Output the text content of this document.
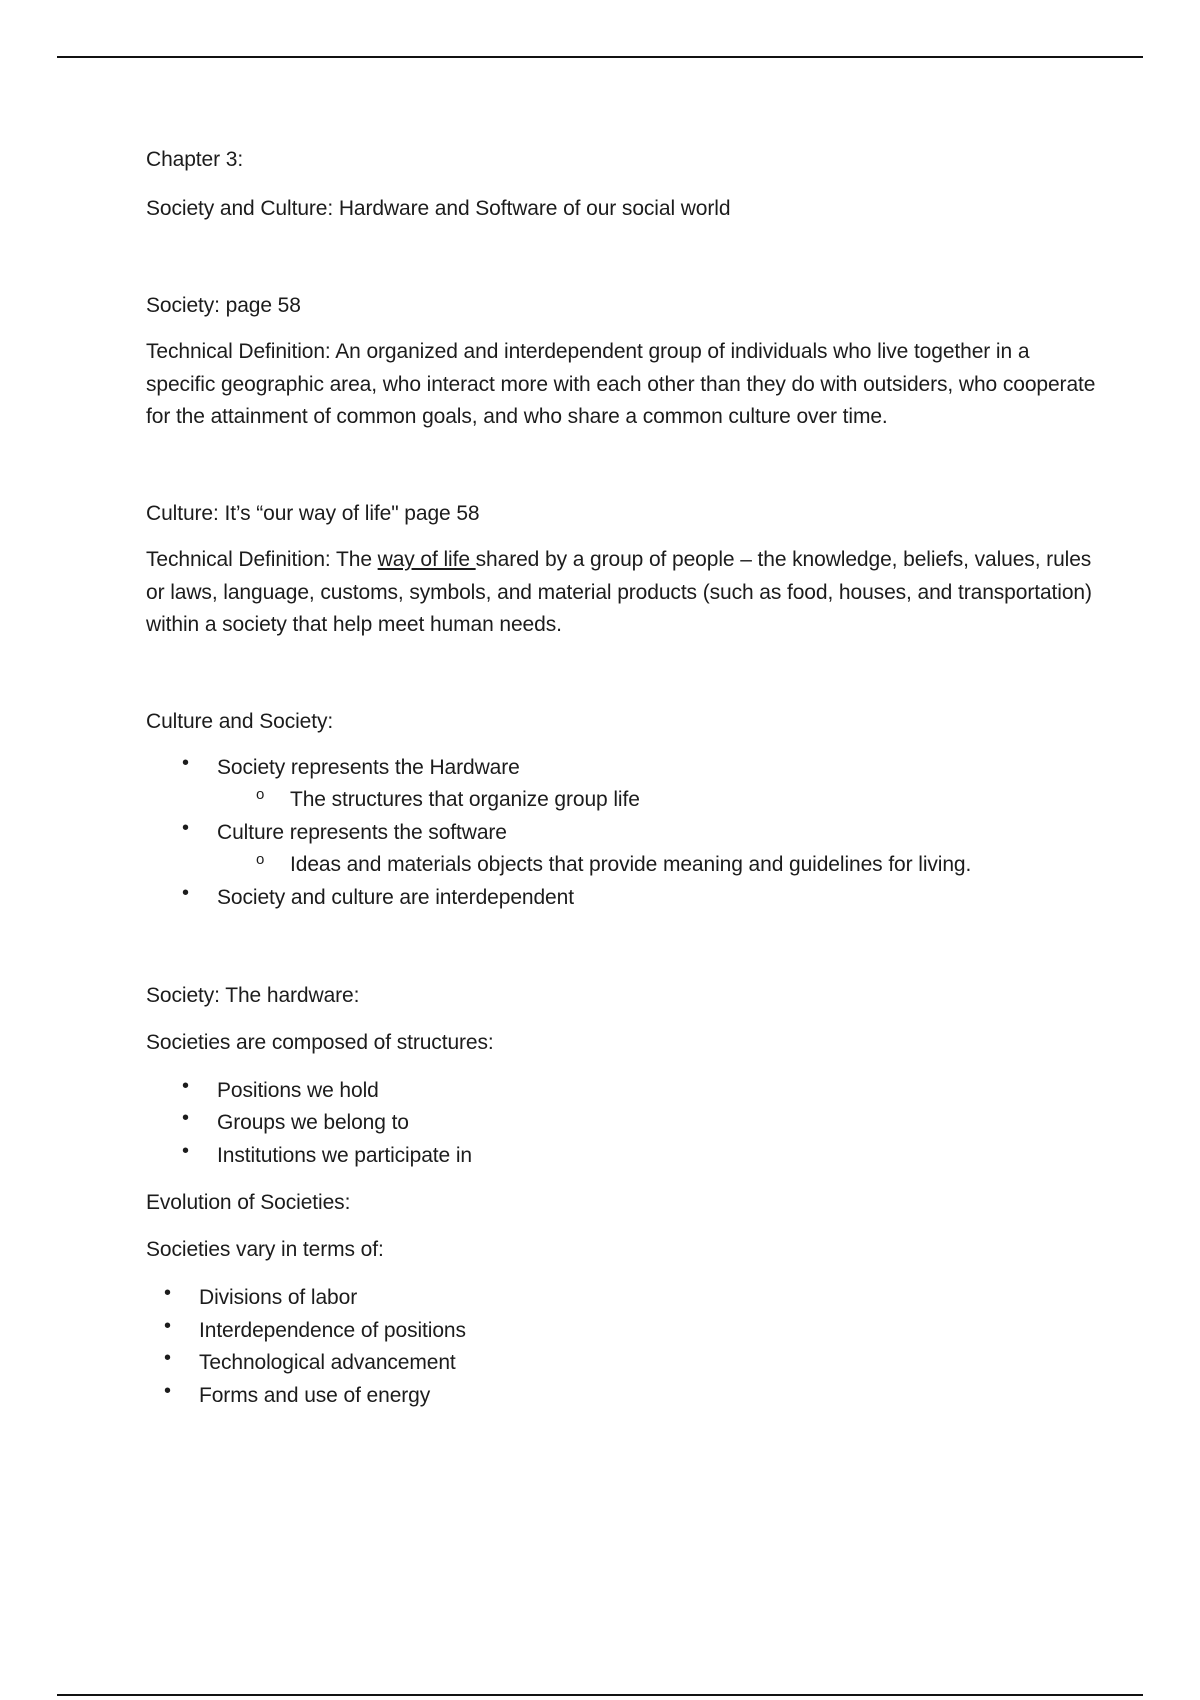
Chapter 3:
Society and Culture: Hardware and Software of our social world
Society: page 58
Technical Definition: An organized and interdependent group of individuals who live together in a specific geographic area, who interact more with each other than they do with outsiders, who cooperate for the attainment of common goals, and who share a common culture over time.
Culture: It’s “our way of life" page 58
Technical Definition: The way of life shared by a group of people – the knowledge, beliefs, values, rules or laws, language, customs, symbols, and material products (such as food, houses, and transportation) within a society that help meet human needs.
Culture and Society:
• Society represents the Hardware
o The structures that organize group life
• Culture represents the software
o Ideas and materials objects that provide meaning and guidelines for living.
• Society and culture are interdependent
Society: The hardware:
Societies are composed of structures:
• Positions we hold
• Groups we belong to
• Institutions we participate in
Evolution of Societies:
Societies vary in terms of:
• Divisions of labor
• Interdependence of positions
• Technological advancement
• Forms and use of energy
